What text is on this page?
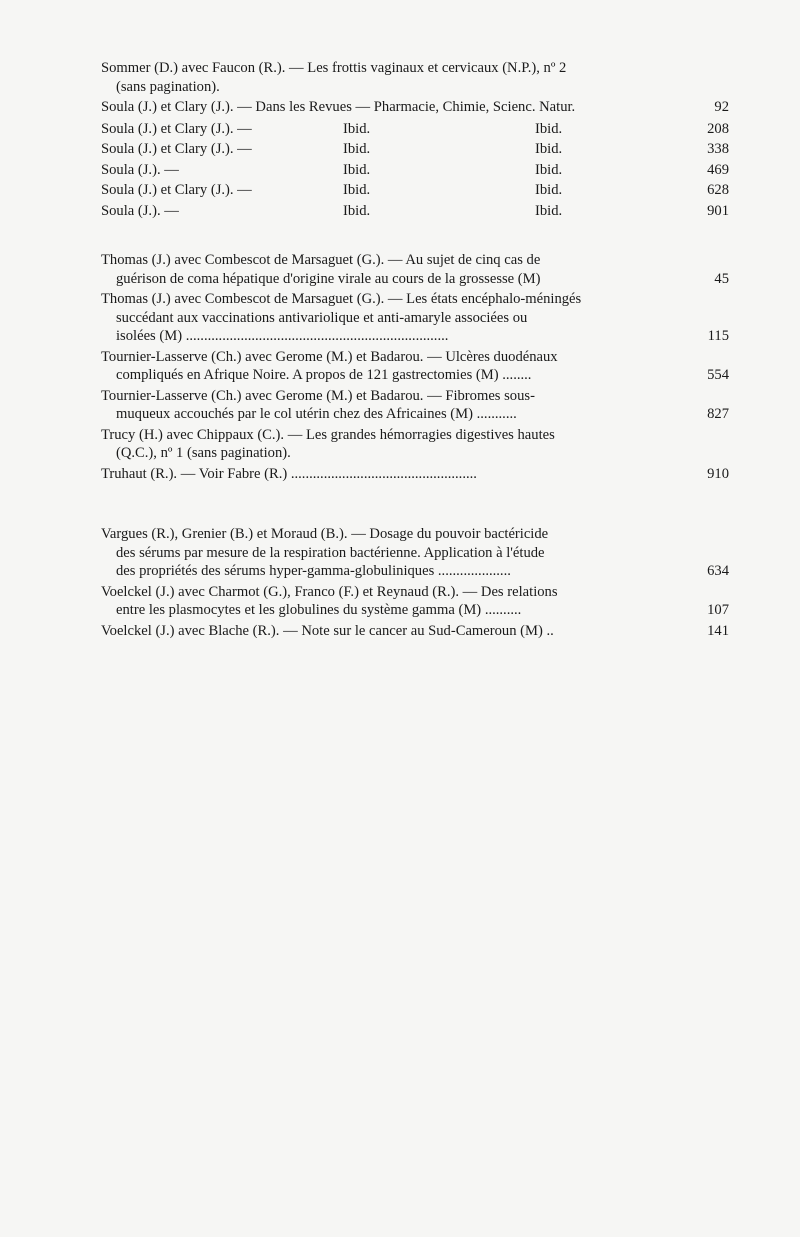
Sommer (D.) avec Faucon (R.). — Les frottis vaginaux et cervicaux (N.P.), nº 2
(sans pagination).
Soula (J.) et Clary (J.). — Dans les Revues — Pharmacie, Chimie, Scienc. Natur.	92
Soula (J.) et Clary (J.). —	Ibid.	Ibid.	208
Soula (J.) et Clary (J.). —	Ibid.	Ibid.	338
Soula (J.). —	Ibid.	Ibid.	469
Soula (J.) et Clary (J.). —	Ibid.	Ibid.	628
Soula (J.). —	Ibid.	Ibid.	901
Thomas (J.) avec Combescot de Marsaguet (G.). — Au sujet de cinq cas de
guérison de coma hépatique d'origine virale au cours de la grossesse (M)	45
Thomas (J.) avec Combescot de Marsaguet (G.). — Les états encéphalo-méningés
succédant aux vaccinations antivariolique et anti-amaryle associées ou
isolées (M) ........................................................................	115
Tournier-Lasserve (Ch.) avec Gerome (M.) et Badarou. — Ulcères duodénaux
compliqués en Afrique Noire. A propos de 121 gastrectomies (M) ........	554
Tournier-Lasserve (Ch.) avec Gerome (M.) et Badarou. — Fibromes sous-
muqueux accouchés par le col utérin chez des Africaines (M) ...........	827
Trucy (H.) avec Chippaux (C.). — Les grandes hémorragies digestives hautes
(Q.C.), nº 1 (sans pagination).
Truhaut (R.). — Voir Fabre (R.) ...................................................	910
Vargues (R.), Grenier (B.) et Moraud (B.). — Dosage du pouvoir bactéricide
des sérums par mesure de la respiration bactérienne. Application à l'étude
des propriétés des sérums hyper-gamma-globuliniques ....................	634
Voelckel (J.) avec Charmot (G.), Franco (F.) et Reynaud (R.). — Des relations
entre les plasmocytes et les globulines du système gamma (M) ..........	107
Voelckel (J.) avec Blache (R.). — Note sur le cancer au Sud-Cameroun (M) ..	141
